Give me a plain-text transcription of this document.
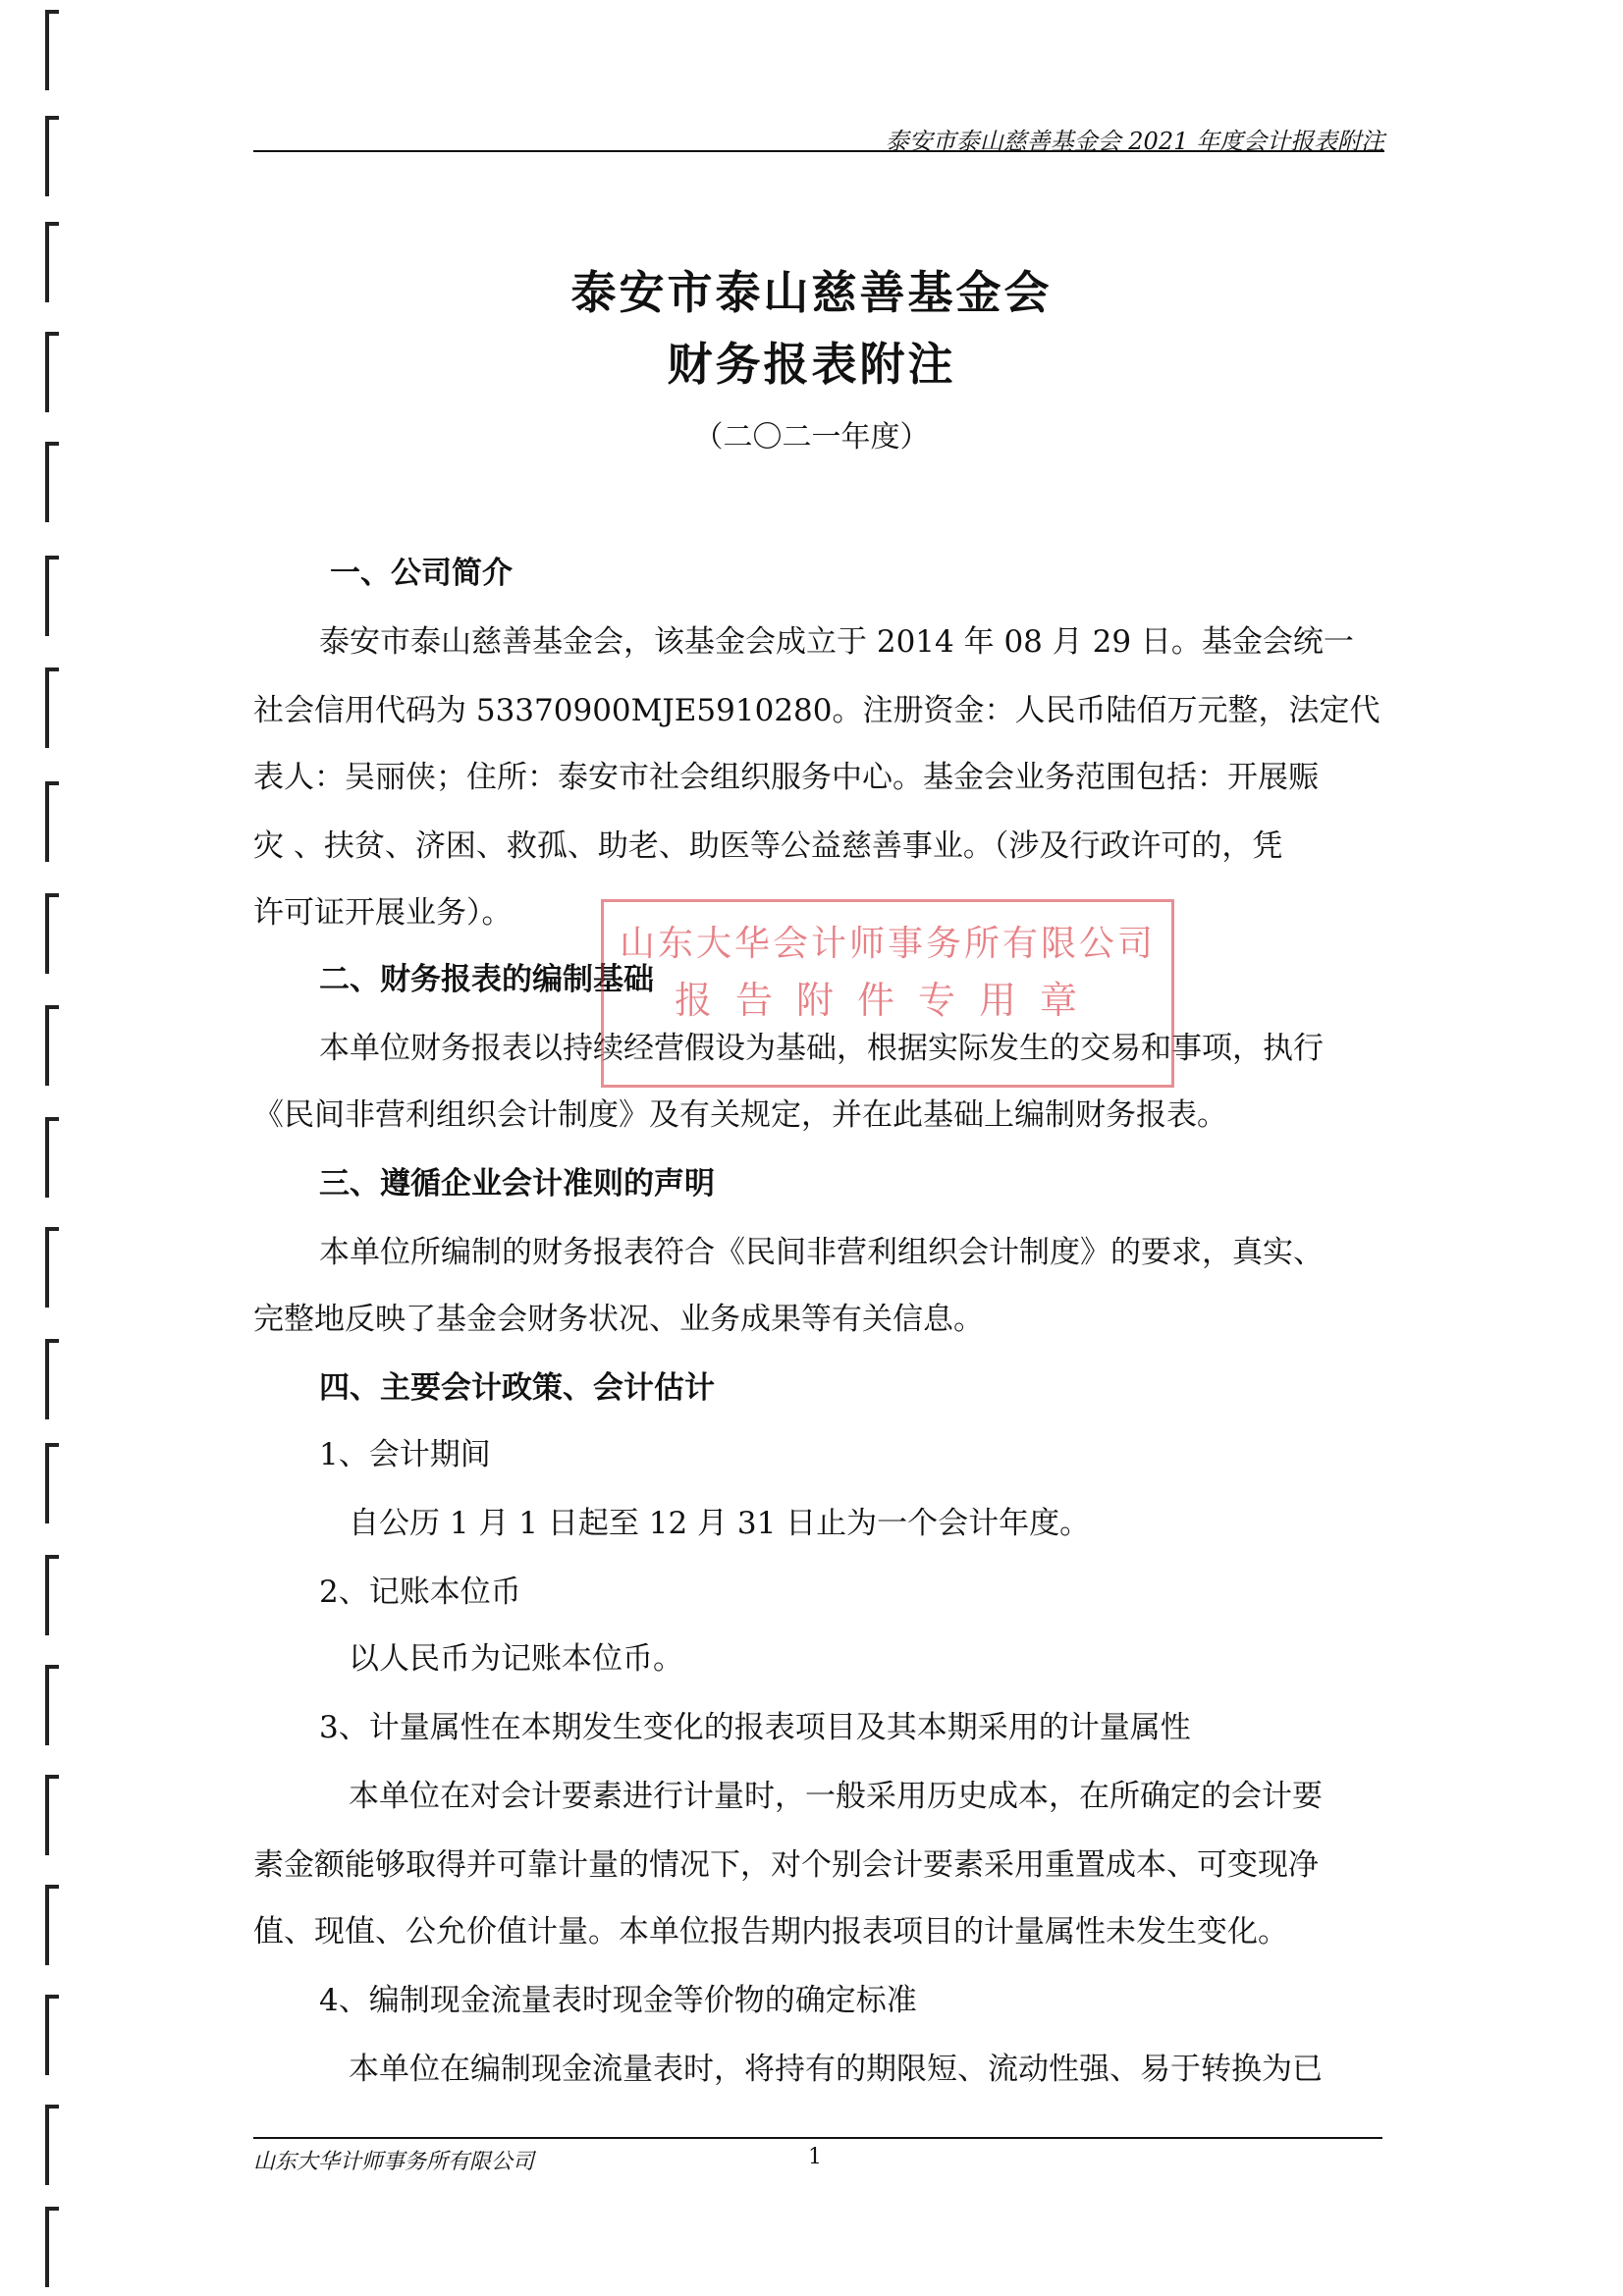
泰安市泰山慈善基金会 2021 年度会计报表附注
泰安市泰山慈善基金会
财务报表附注
（二〇二一年度）
一、公司简介
泰安市泰山慈善基金会，该基金会成立于 2014 年 08 月 29 日。基金会统一
社会信用代码为 53370900MJE5910280。注册资金：人民币陆佰万元整，法定代
表人：吴丽侠；住所：泰安市社会组织服务中心。基金会业务范围包括：开展赈
灾 、扶贫、济困、救孤、助老、助医等公益慈善事业。（涉及行政许可的，凭
许可证开展业务）。
二、财务报表的编制基础
本单位财务报表以持续经营假设为基础，根据实际发生的交易和事项，执行
《民间非营利组织会计制度》及有关规定，并在此基础上编制财务报表。
三、遵循企业会计准则的声明
本单位所编制的财务报表符合《民间非营利组织会计制度》的要求，真实、
完整地反映了基金会财务状况、业务成果等有关信息。
四、主要会计政策、会计估计
1、会计期间
自公历 1 月 1 日起至 12 月 31 日止为一个会计年度。
2、记账本位币
以人民币为记账本位币。
3、计量属性在本期发生变化的报表项目及其本期采用的计量属性
本单位在对会计要素进行计量时，一般采用历史成本，在所确定的会计要
素金额能够取得并可靠计量的情况下，对个别会计要素采用重置成本、可变现净
值、现值、公允价值计量。本单位报告期内报表项目的计量属性未发生变化。
4、编制现金流量表时现金等价物的确定标准
本单位在编制现金流量表时，将持有的期限短、流动性强、易于转换为已
山东大华会计师事务所有限公司
报告附件专用章
山东大华计师事务所有限公司	1
